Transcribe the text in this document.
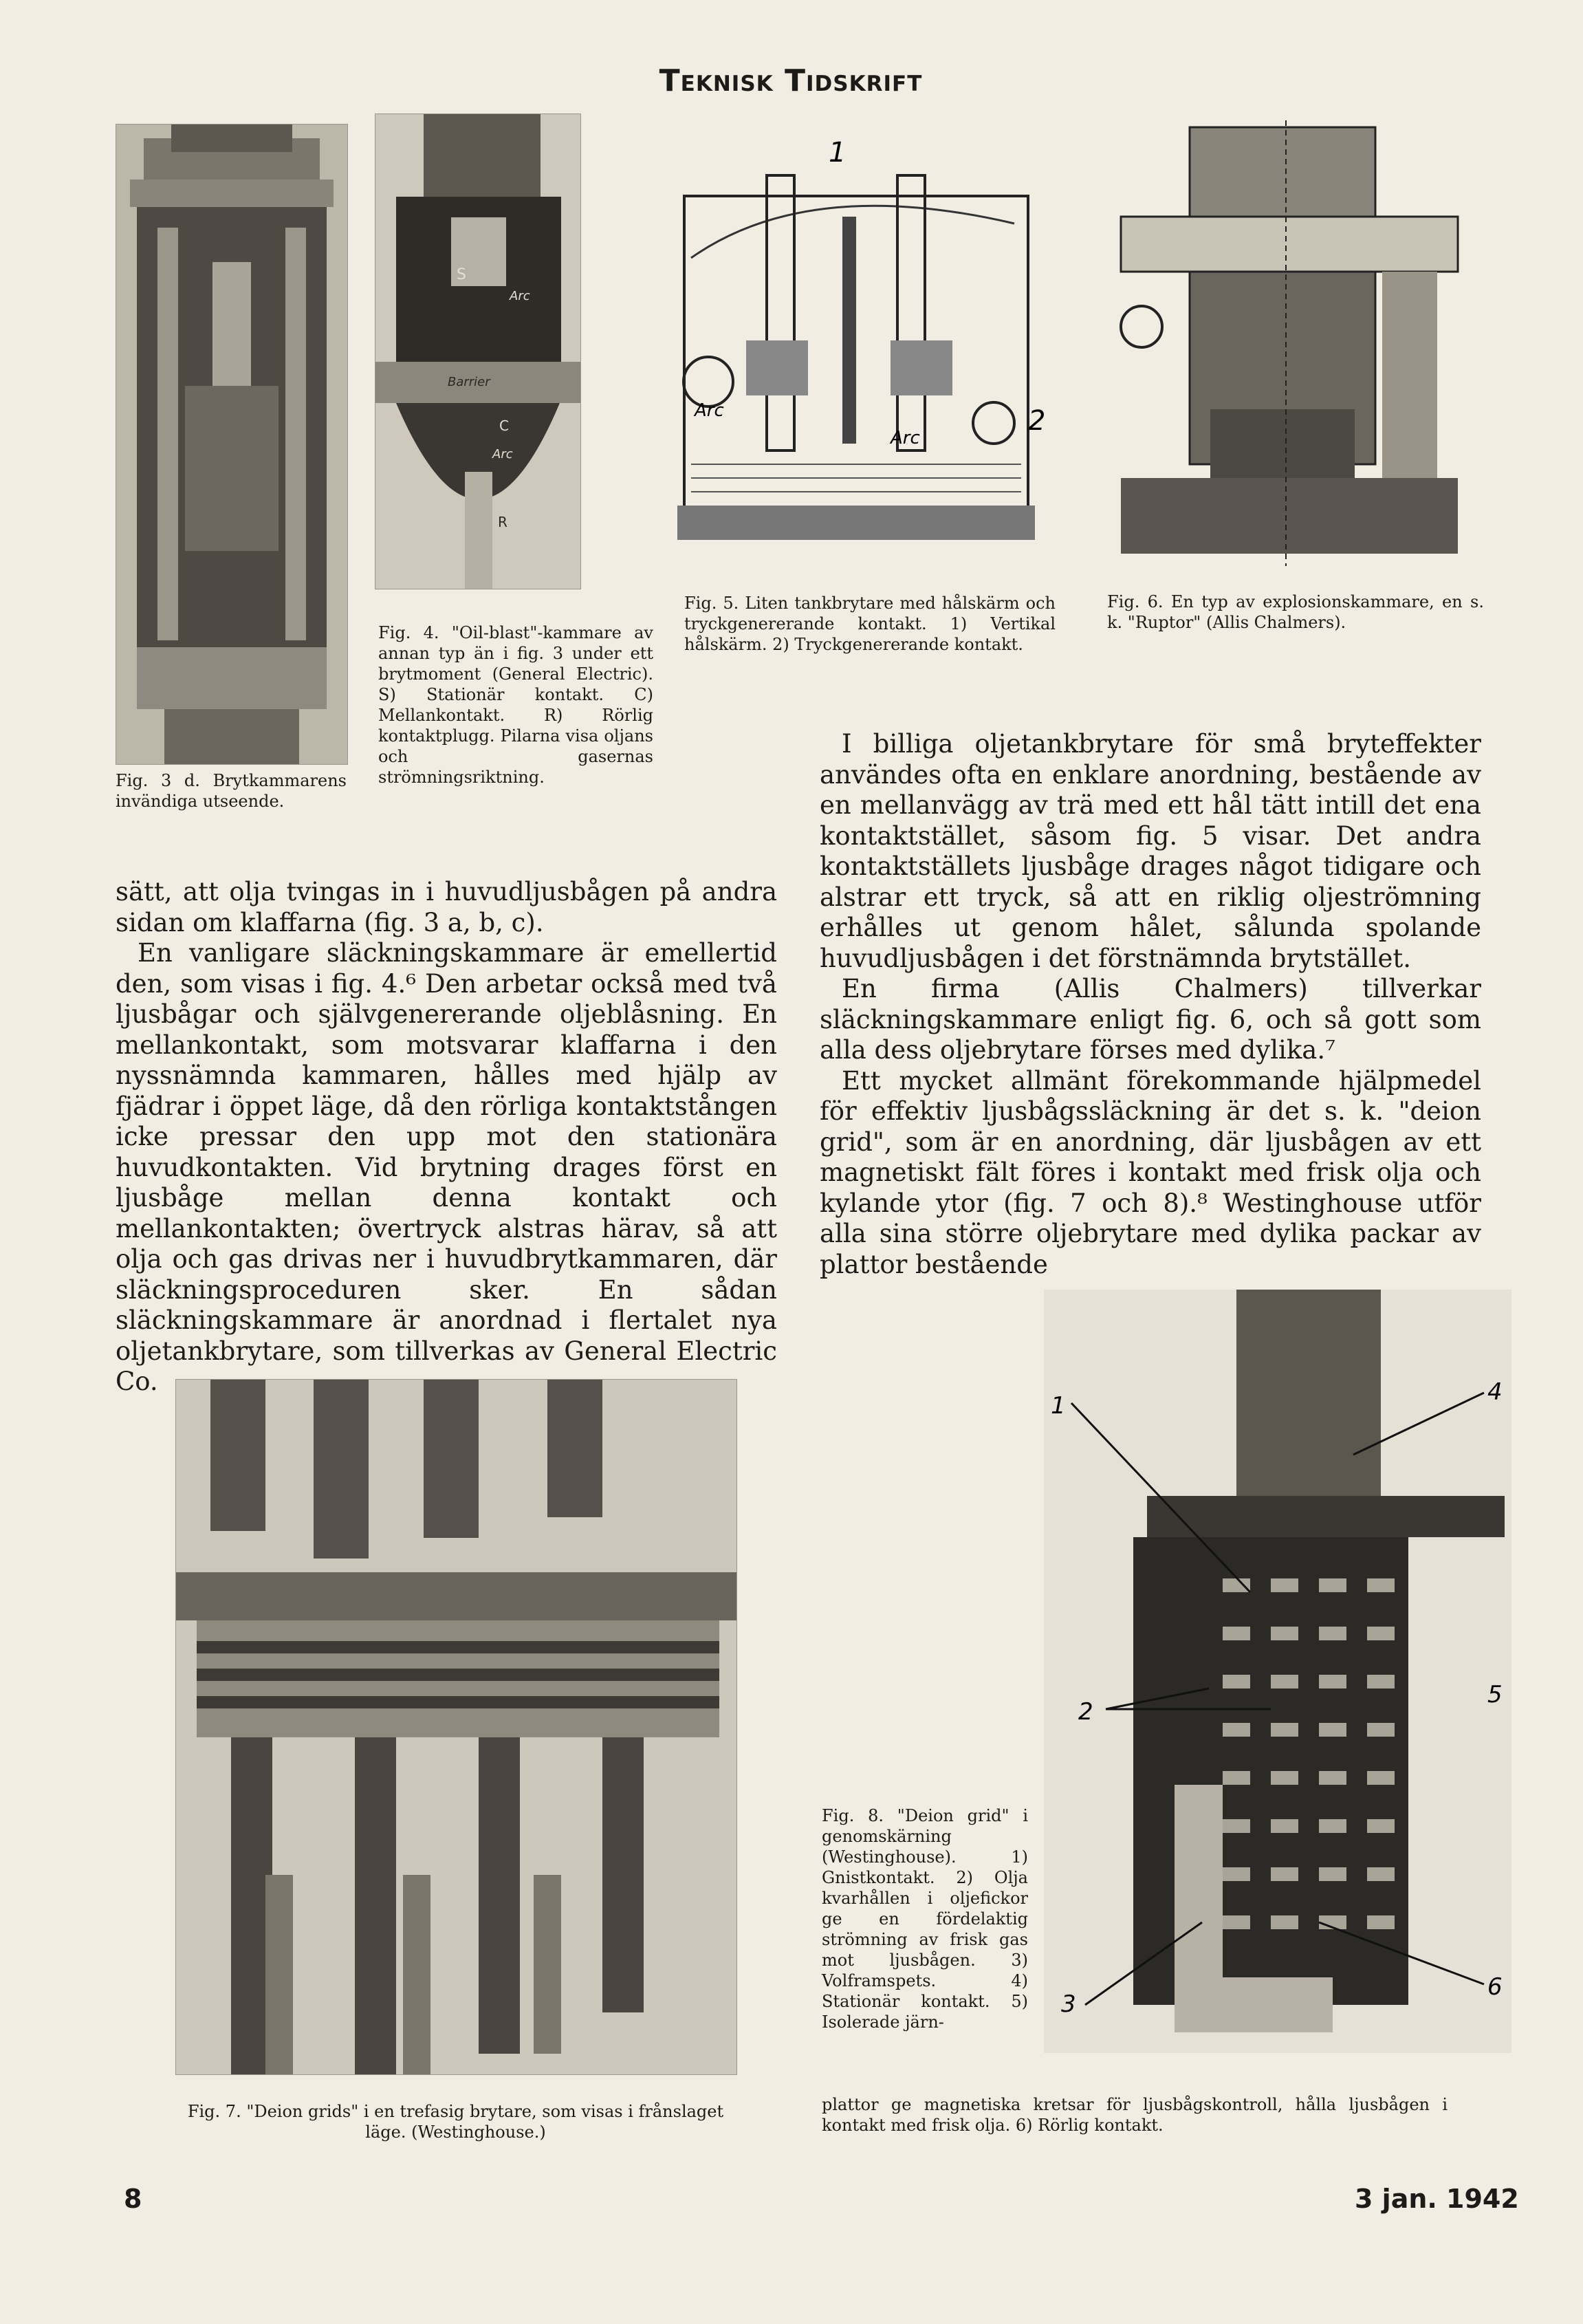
Teknisk Tidskrift
S
Arc
Barrier
C
Arc
R
Fig. 3 d. Brytkammarens invändiga utseende.
Fig. 4. "Oil-blast"-kammare av annan typ än i fig. 3 under ett brytmoment (General Electric). S) Stationär kontakt. C) Mellankontakt. R) Rörlig kontaktplugg. Pilarna visa oljans och gasernas strömningsriktning.
1
2
Arc
Arc
Fig. 5. Liten tankbrytare med hålskärm och tryckgenererande kontakt. 1) Vertikal hålskärm. 2) Tryckgenererande kontakt.
Fig. 6. En typ av explosionskammare, en s. k. "Ruptor" (Allis Chalmers).

sätt, att olja tvingas in i huvudljusbågen på andra sidan om klaffarna (fig. 3 a, b, c).

En vanligare släckningskammare är emellertid den, som visas i fig. 4.⁶ Den arbetar också med två ljusbågar och självgenererande oljeblåsning. En mellankontakt, som motsvarar klaffarna i den nyssnämnda kammaren, hålles med hjälp av fjädrar i öppet läge, då den rörliga kontaktstången icke pressar den upp mot den stationära huvudkontakten. Vid brytning drages först en ljusbåge mellan denna kontakt och mellankontakten; övertryck alstras härav, så att olja och gas drivas ner i huvudbrytkammaren, där släckningsproceduren sker. En sådan släckningskammare är anordnad i flertalet nya oljetankbrytare, som tillverkas av General Electric Co.

I billiga oljetankbrytare för små bryteffekter användes ofta en enklare anordning, bestående av en mellanvägg av trä med ett hål tätt intill det ena kontaktstället, såsom fig. 5 visar. Det andra kontaktställets ljusbåge drages något tidigare och alstrar ett tryck, så att en riklig oljeströmning erhålles ut genom hålet, sålunda spolande huvudljusbågen i det förstnämnda brytstället.

En firma (Allis Chalmers) tillverkar släckningskammare enligt fig. 6, och så gott som alla dess oljebrytare förses med dylika.⁷

Ett mycket allmänt förekommande hjälpmedel för effektiv ljusbågssläckning är det s. k. "deion grid", som är en anordning, där ljusbågen av ett magnetiskt fält föres i kontakt med frisk olja och kylande ytor (fig. 7 och 8).⁸ Westinghouse utför alla sina större oljebrytare med dylika packar av plattor bestående

Fig. 7. "Deion grids" i en trefasig brytare, som visas i frånslaget läge. (Westinghouse.)
1	4
2
5
3
6
Fig. 8. "Deion grid" i genomskärning (Westinghouse). 1) Gnistkontakt. 2) Olja kvarhållen i oljefickor ge en fördelaktig strömning av frisk gas mot ljusbågen. 3) Volframspets. 4) Stationär kontakt. 5) Isolerade järn-
plattor ge magnetiska kretsar för ljusbågskontroll, hålla ljusbågen i kontakt med frisk olja. 6) Rörlig kontakt.
8	3 jan. 1942
